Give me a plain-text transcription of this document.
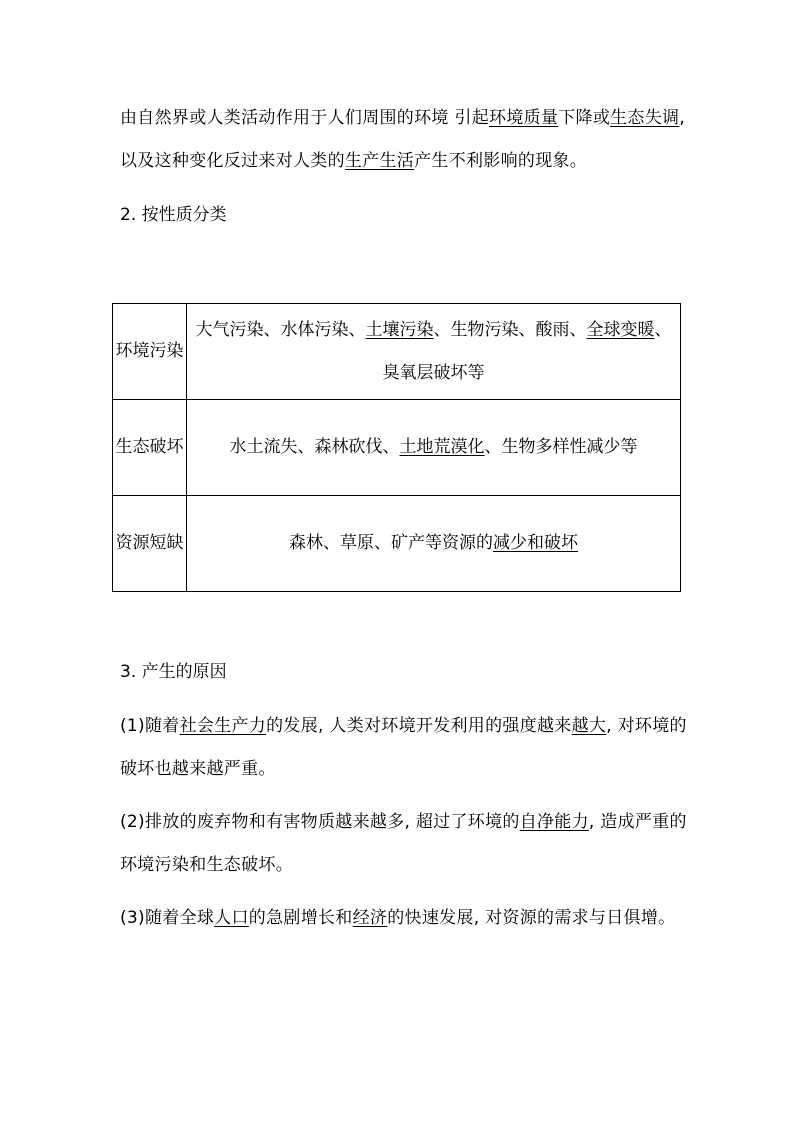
由自然界或人类活动作用于人们周围的环境 引起环境质量下降或生态失调, 以及这种变化反过来对人类的生产生活产生不利影响的现象。

2. 按性质分类

环境污染	大气污染、水体污染、土壤污染、生物污染、酸雨、全球变暖、臭氧层破坏等
生态破坏	水土流失、森林砍伐、土地荒漠化、生物多样性减少等
资源短缺	森林、草原、矿产等资源的减少和破坏

3. 产生的原因

(1)随着社会生产力的发展, 人类对环境开发利用的强度越来越大, 对环境的破坏也越来越严重。

(2)排放的废弃物和有害物质越来越多, 超过了环境的自净能力, 造成严重的环境污染和生态破坏。

(3)随着全球人口的急剧增长和经济的快速发展, 对资源的需求与日俱增。
